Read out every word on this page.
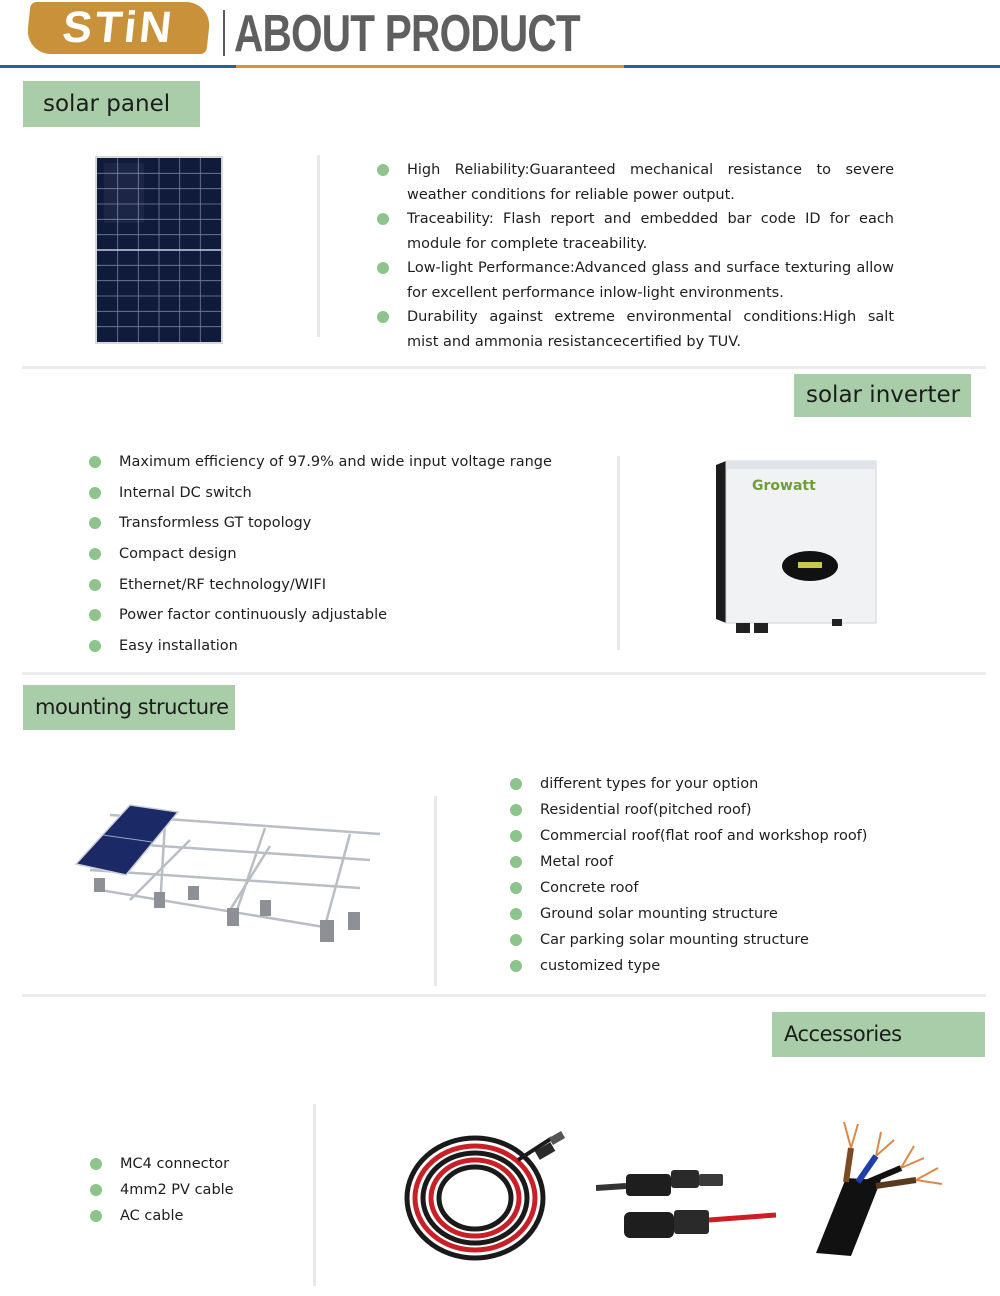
STiN	ABOUT PRODUCT
solar panel
High Reliability:Guaranteed mechanical resistance to severe weather conditions for reliable power output.
Traceability: Flash report and embedded bar code ID for each module for complete traceability.
Low-light Performance:Advanced glass and surface texturing allow for excellent performance inlow-light environments.
Durability against extreme environmental conditions:High salt mist and ammonia resistancecertified by TUV.
solar inverter
Maximum efficiency of 97.9% and wide input voltage range
Internal DC switch
Transformless GT topology
Compact design
Ethernet/RF technology/WIFI
Power factor continuously adjustable
Easy installation
Growatt
mounting structure
different types for your option
Residential roof(pitched roof)
Commercial roof(flat roof and workshop roof)
Metal roof
Concrete roof
Ground solar mounting structure
Car parking solar mounting structure
customized type
Accessories
MC4 connector
4mm2 PV cable
AC cable
